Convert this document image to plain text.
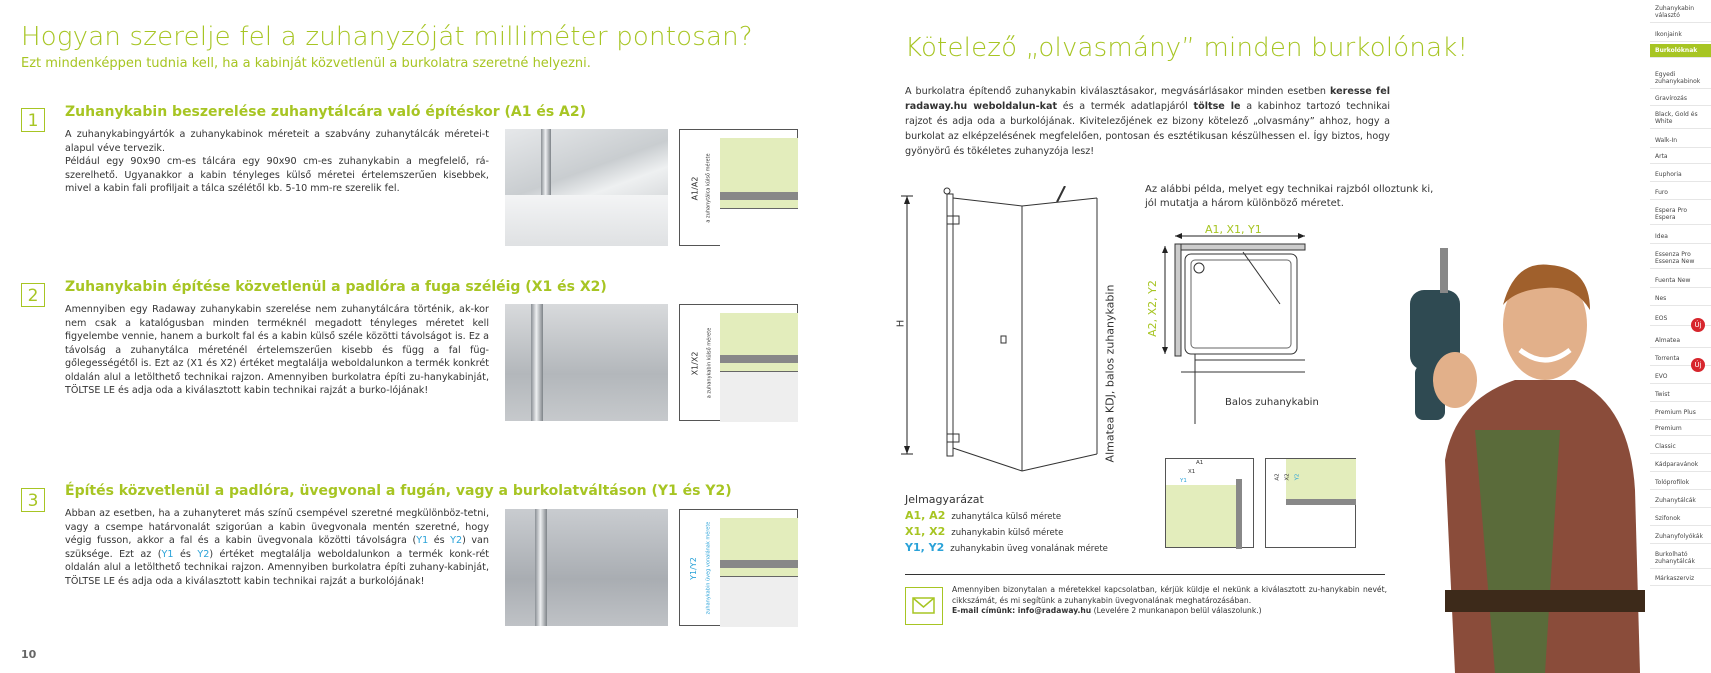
Hogyan szerelje fel a zuhanyzóját milliméter pontosan?

Ezt mindenképpen tudnia kell, ha a kabinját közvetlenül a burkolatra szeretné helyezni.

1	Zuhanykabin beszerelése zuhanytálcára való építéskor (A1 és A2)

A zuhanykabingyártók a zuhanykabinok méreteit a szabvány zuhanytálcák méretei-t alapul véve tervezik.

Például egy 90x90 cm-es tálcára egy 90x90 cm-es zuhanykabin a megfelelő, rá-szerelhető. Ugyanakkor a kabin tényleges külső méretei értelemszerűen kisebbek, mivel a kabin fali profiljait a tálca szélétől kb. 5-10 mm-re szerelik fel.	A1/A2 a zuhanytálca külső mérete
2	Zuhanykabin építése közvetlenül a padlóra a fuga széléig (X1 és X2)

Amennyiben egy Radaway zuhanykabin szerelése nem zuhanytálcára történik, ak-kor nem csak a katalógusban minden terméknél megadott tényleges méretet kell figyelembe vennie, hanem a burkolt fal és a kabin külső széle közötti távolságot is. Ez a távolság a zuhanytálca méreténél értelemszerűen kisebb és függ a fal füg-gőlegességétől is. Ezt az (X1 és X2) értéket megtalálja weboldalunkon a termék konkrét oldalán alul a letölthető technikai rajzon. Amennyiben burkolatra építi zu-hanykabinját, TÖLTSE LE és adja oda a kiválasztott kabin technikai rajzát a burko-lójának!

X1/X2 a zuhanykabin külső mérete
3	Építés közvetlenül a padlóra, üvegvonal a fugán, vagy a burkolatváltáson (Y1 és Y2)

Abban az esetben, ha a zuhanyteret más színű csempével szeretné megkülönböz-tetni, vagy a csempe határvonalát szigorúan a kabin üvegvonala mentén szeretné, hogy végig fusson, akkor a fal és a kabin üvegvonala közötti távolságra (Y1 és Y2) van szüksége. Ezt az (Y1 és Y2) értéket megtalálja weboldalunkon a termék konk-rét oldalán alul a letölthető technikai rajzon. Amennyiben burkolatra építi zuhany-kabinját, TÖLTSE LE és adja oda a kiválasztott kabin technikai rajzát a burkolójának!

Y1/Y2 zuhanykabin üveg vonalának mérete
10
Kötelező „olvasmány” minden burkolónak!

A burkolatra építendő zuhanykabin kiválasztásakor, megvásárlásakor minden esetben keresse fel radaway.hu weboldalun-kat és a termék adatlapjáról töltse le a kabinhoz tartozó technikai rajzot és adja oda a burkolójának. Kivitelezőjének ez bizony kötelező „olvasmány” ahhoz, hogy a burkolat az elképzelésének megfelelően, pontosan és esztétikusan készülhessen el. Így biztos, hogy gyönyörű és tökéletes zuhanyzója lesz!

H	Almatea KDJ, balos zuhanykabin
Az alábbi példa, melyet egy technikai rajzból olloztunk ki, jól mutatja a három különböző méretet.
A1, X1, Y1
A2, X2, Y2
Balos zuhanykabin
A1
X1
Y1
A2 X2 Y2
Jelmagyarázat
A1, A2 zuhanytálca külső mérete
X1, X2 zuhanykabin külső mérete
Y1, Y2 zuhanykabin üveg vonalának mérete
Amennyiben bizonytalan a méretekkel kapcsolatban, kérjük küldje el nekünk a kiválasztott zu-hanykabin nevét, cikkszámát, és mi segítünk a zuhanykabin üvegvonalának meghatározásában.
E-mail címünk: info@radaway.hu (Levelére 2 munkanapon belül válaszolunk.)
Zuhanykabin választó
Ikonjaink
Burkolóknak
Egyedi zuhanykabinok
Gravírozás
Black, Gold és White
Walk-In
Arta
Euphoria
Furo
Espera Pro Espera
Idea
Essenza Pro Essenza New
Fuenta New
Nes
EOS
Új
Almatea
Torrenta
Új
EVO
Twist
Premium Plus
Premium
Classic
Kádparavánok
Tolóprofilok
Zuhanytálcák
Szifonok
Zuhanyfolyókák
Burkolható zuhanytálcák
Márkaszerviz
